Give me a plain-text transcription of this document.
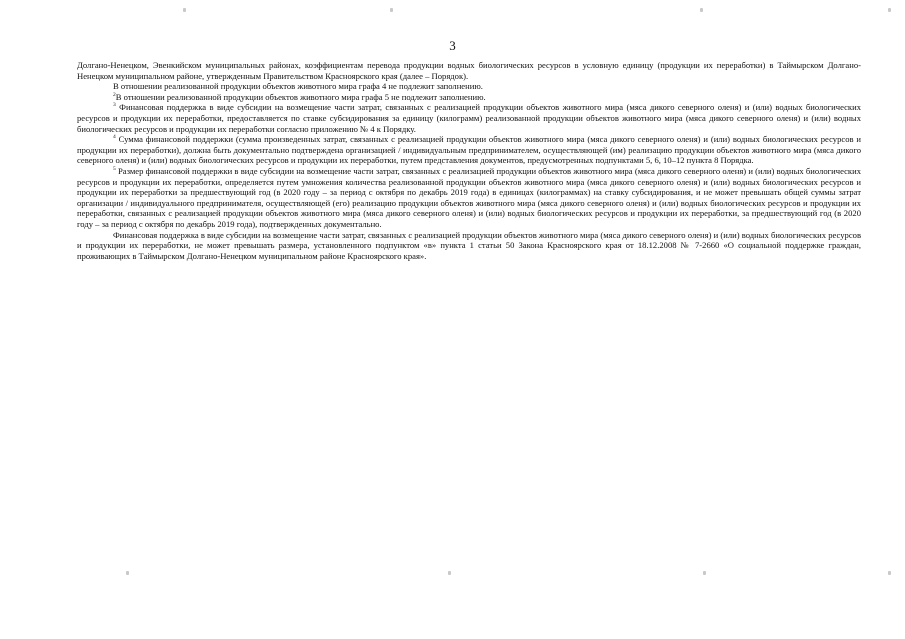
3

Долгано-Ненецком, Эвенкийском муниципальных районах, коэффициентам перевода продукции водных биологических ресурсов в условную единицу (продукции их переработки) в Таймырском Долгано-Ненецком муниципальном районе, утвержденным Правительством Красноярского края (далее – Порядок).

В отношении реализованной продукции объектов животного мира графа 4 не подлежит заполнению.

$^2$В отношении реализованной продукции объектов животного мира графа 5 не подлежит заполнению.

$^3$ Финансовая поддержка в виде субсидии на возмещение части затрат, связанных с реализацией продукции объектов животного мира (мяса дикого северного оленя) и (или) водных биологических ресурсов и продукции их переработки, предоставляется по ставке субсидирования за единицу (килограмм) реализованной продукции объектов животного мира (мяса дикого северного оленя) и (или) водных биологических ресурсов и продукции их переработки согласно приложению № 4 к Порядку.

$^4$ Сумма финансовой поддержки (сумма произведенных затрат, связанных с реализацией продукции объектов животного мира (мяса дикого северного оленя) и (или) водных биологических ресурсов и продукции их переработки), должна быть документально подтверждена организацией / индивидуальным предпринимателем, осуществляющей (им) реализацию продукции объектов животного мира (мяса дикого северного оленя) и (или) водных биологических ресурсов и продукции их переработки, путем представления документов, предусмотренных подпунктами 5, 6, 10–12 пункта 8 Порядка.

$^5$ Размер финансовой поддержки в виде субсидии на возмещение части затрат, связанных с реализацией продукции объектов животного мира (мяса дикого северного оленя) и (или) водных биологических ресурсов и продукции их переработки, определяется путем умножения количества реализованной продукции объектов животного мира (мяса дикого северного оленя) и (или) водных биологических ресурсов и продукции их переработки за предшествующий год (в 2020 году – за период с октября по декабрь 2019 года) в единицах (килограммах) на ставку субсидирования, и не может превышать общей суммы затрат организации / индивидуального предпринимателя, осуществляющей (его) реализацию продукции объектов животного мира (мяса дикого северного оленя) и (или) водных биологических ресурсов и продукции их переработки, связанных с реализацией продукции объектов животного мира (мяса дикого северного оленя) и (или) водных биологических ресурсов и продукции их переработки, за предшествующий год (в 2020 году – за период с октября по декабрь 2019 года), подтвержденных документально.

Финансовая поддержка в виде субсидии на возмещение части затрат, связанных с реализацией продукции объектов животного мира (мяса дикого северного оленя) и (или) водных биологических ресурсов и продукции их переработки, не может превышать размера, установленного подпунктом «в» пункта 1 статьи 50 Закона Красноярского края от 18.12.2008 № 7-2660 «О социальной поддержке граждан, проживающих в Таймырском Долгано-Ненецком муниципальном районе Красноярского края».
